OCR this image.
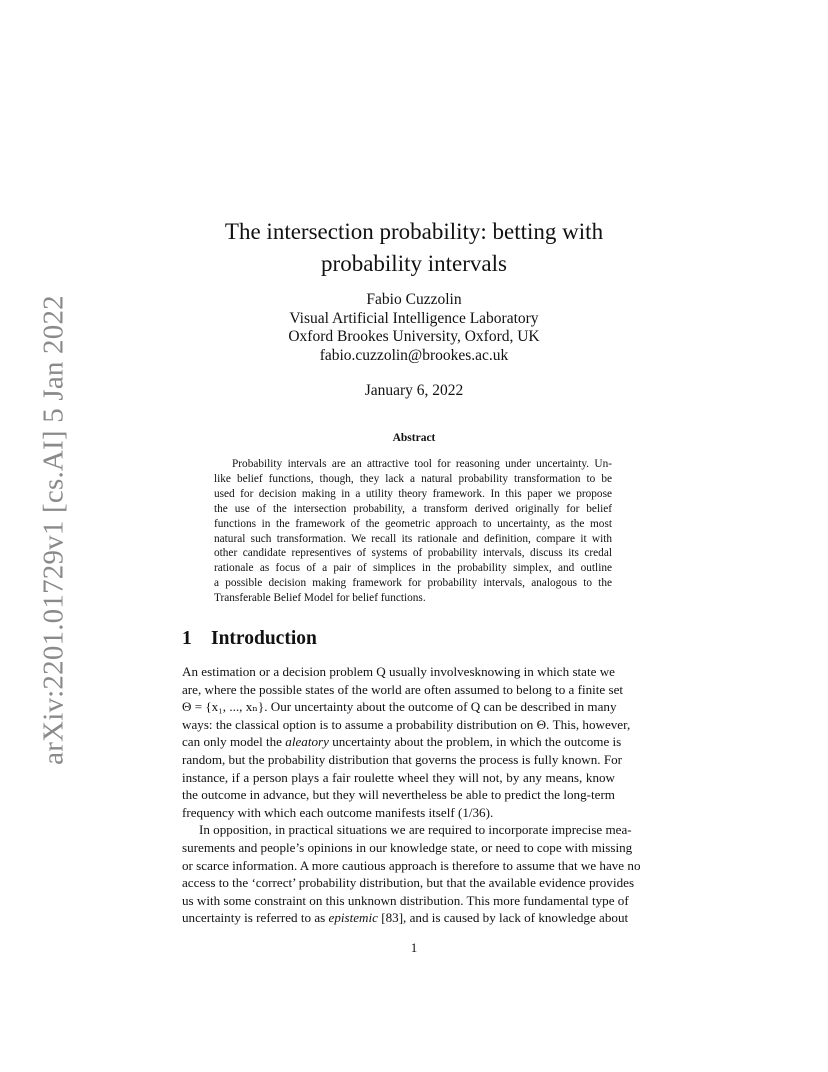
arXiv:2201.01729v1 [cs.AI] 5 Jan 2022
The intersection probability: betting with
probability intervals
Fabio Cuzzolin
Visual Artificial Intelligence Laboratory
Oxford Brookes University, Oxford, UK
fabio.cuzzolin@brookes.ac.uk
January 6, 2022
Abstract
Probability intervals are an attractive tool for reasoning under uncertainty. Un-
like belief functions, though, they lack a natural probability transformation to be
used for decision making in a utility theory framework. In this paper we propose
the use of the intersection probability, a transform derived originally for belief
functions in the framework of the geometric approach to uncertainty, as the most
natural such transformation. We recall its rationale and definition, compare it with
other candidate representives of systems of probability intervals, discuss its credal
rationale as focus of a pair of simplices in the probability simplex, and outline
a possible decision making framework for probability intervals, analogous to the
Transferable Belief Model for belief functions.
1 Introduction
An estimation or a decision problem Q usually involvesknowing in which state we
are, where the possible states of the world are often assumed to belong to a finite set
Θ = {x₁, ..., xₙ}. Our uncertainty about the outcome of Q can be described in many
ways: the classical option is to assume a probability distribution on Θ. This, however,
can only model the aleatory uncertainty about the problem, in which the outcome is
random, but the probability distribution that governs the process is fully known. For
instance, if a person plays a fair roulette wheel they will not, by any means, know
the outcome in advance, but they will nevertheless be able to predict the long-term
frequency with which each outcome manifests itself (1/36).
In opposition, in practical situations we are required to incorporate imprecise mea-
surements and people’s opinions in our knowledge state, or need to cope with missing
or scarce information. A more cautious approach is therefore to assume that we have no
access to the ‘correct’ probability distribution, but that the available evidence provides
us with some constraint on this unknown distribution. This more fundamental type of
uncertainty is referred to as epistemic [83], and is caused by lack of knowledge about
1
